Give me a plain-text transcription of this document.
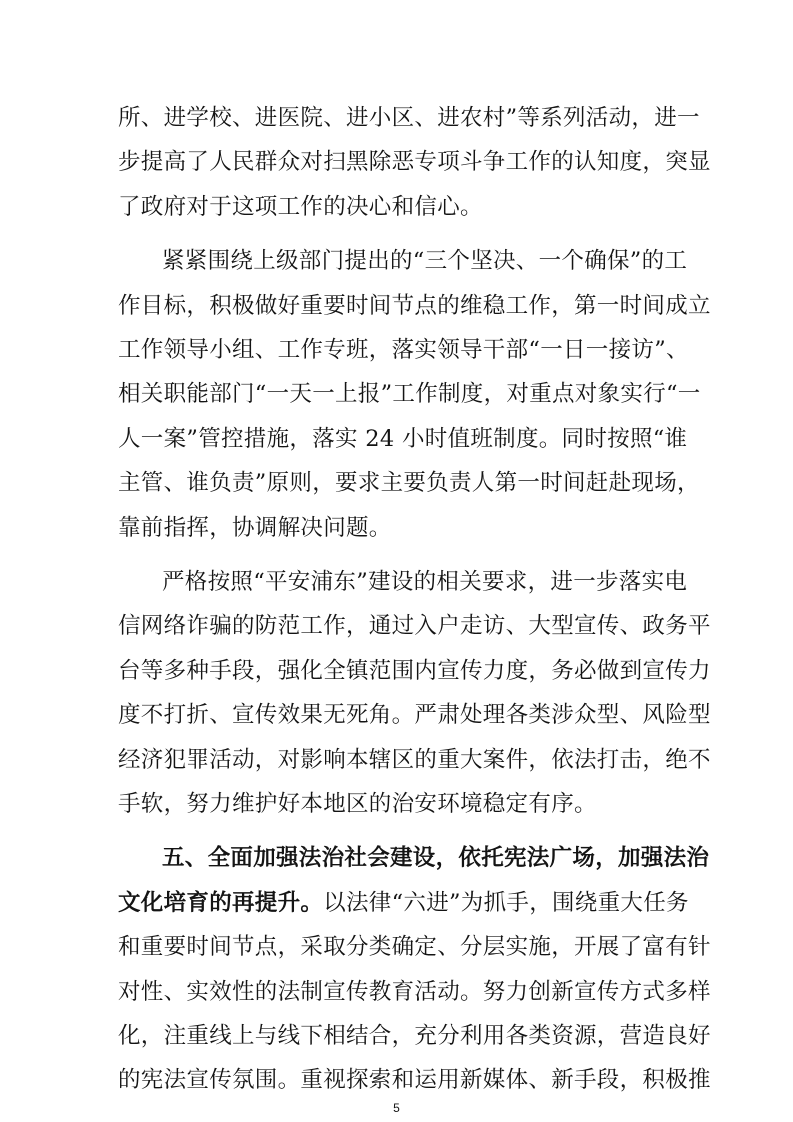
所、进学校、进医院、进小区、进农村”等系列活动，进一
步提高了人民群众对扫黑除恶专项斗争工作的认知度，突显
了政府对于这项工作的决心和信心。
紧紧围绕上级部门提出的“三个坚决、一个确保”的工
作目标，积极做好重要时间节点的维稳工作，第一时间成立
工作领导小组、工作专班，落实领导干部“一日一接访”、
相关职能部门“一天一上报”工作制度，对重点对象实行“一
人一案”管控措施，落实 24 小时值班制度。同时按照“谁
主管、谁负责”原则，要求主要负责人第一时间赶赴现场，
靠前指挥，协调解决问题。
严格按照“平安浦东”建设的相关要求，进一步落实电
信网络诈骗的防范工作，通过入户走访、大型宣传、政务平
台等多种手段，强化全镇范围内宣传力度，务必做到宣传力
度不打折、宣传效果无死角。严肃处理各类涉众型、风险型
经济犯罪活动，对影响本辖区的重大案件，依法打击，绝不
手软，努力维护好本地区的治安环境稳定有序。
五、全面加强法治社会建设，依托宪法广场，加强法治
文化培育的再提升。以法律“六进”为抓手，围绕重大任务
和重要时间节点，采取分类确定、分层实施，开展了富有针
对性、实效性的法制宣传教育活动。努力创新宣传方式多样
化，注重线上与线下相结合，充分利用各类资源，营造良好
的宪法宣传氛围。重视探索和运用新媒体、新手段，积极推
5
